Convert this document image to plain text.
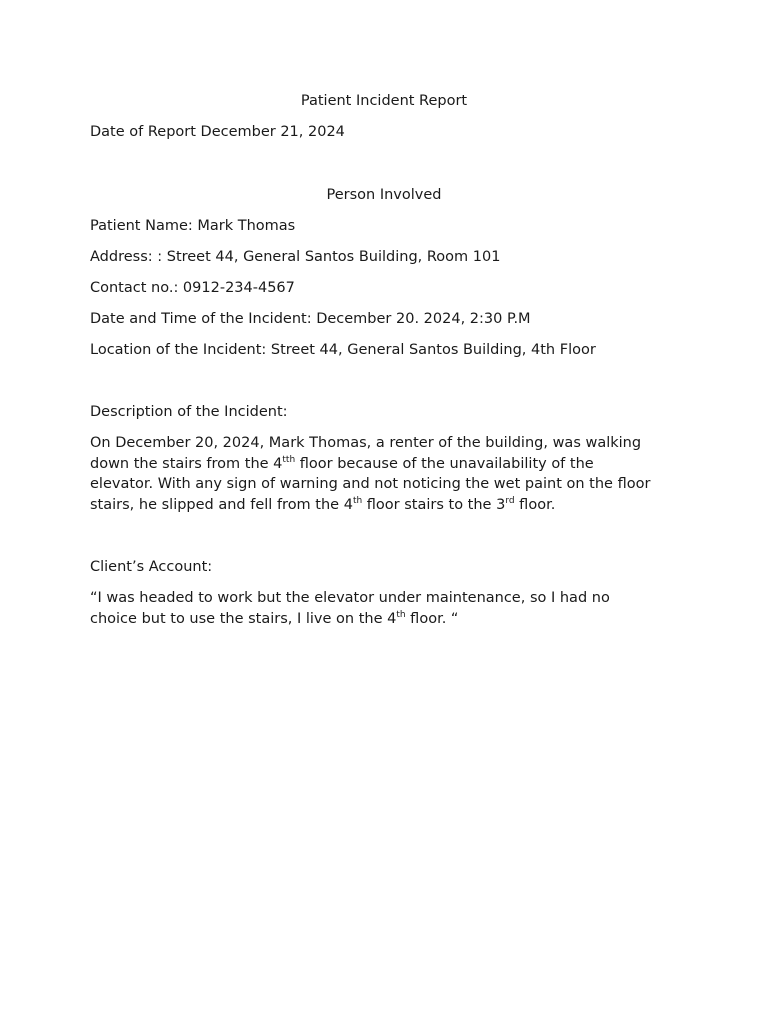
Patient Incident Report

Date of Report December 21, 2024

Person Involved

Patient Name: Mark Thomas

Address: : Street 44, General Santos Building, Room 101

Contact no.: 0912-234-4567

Date and Time of the Incident: December 20. 2024, 2:30 P.M

Location of the Incident: Street 44, General Santos Building, 4th Floor

Description of the Incident:

On December 20, 2024, Mark Thomas, a renter of the building, was walking
down the stairs from the $4^{tth}$ floor because of the unavailability of the
elevator. With any sign of warning and not noticing the wet paint on the floor
stairs, he slipped and fell from the 4th floor stairs to the 3rd floor.

Client’s Account:

“I was headed to work but the elevator under maintenance, so I had no
choice but to use the stairs, I live on the 4th floor. “
